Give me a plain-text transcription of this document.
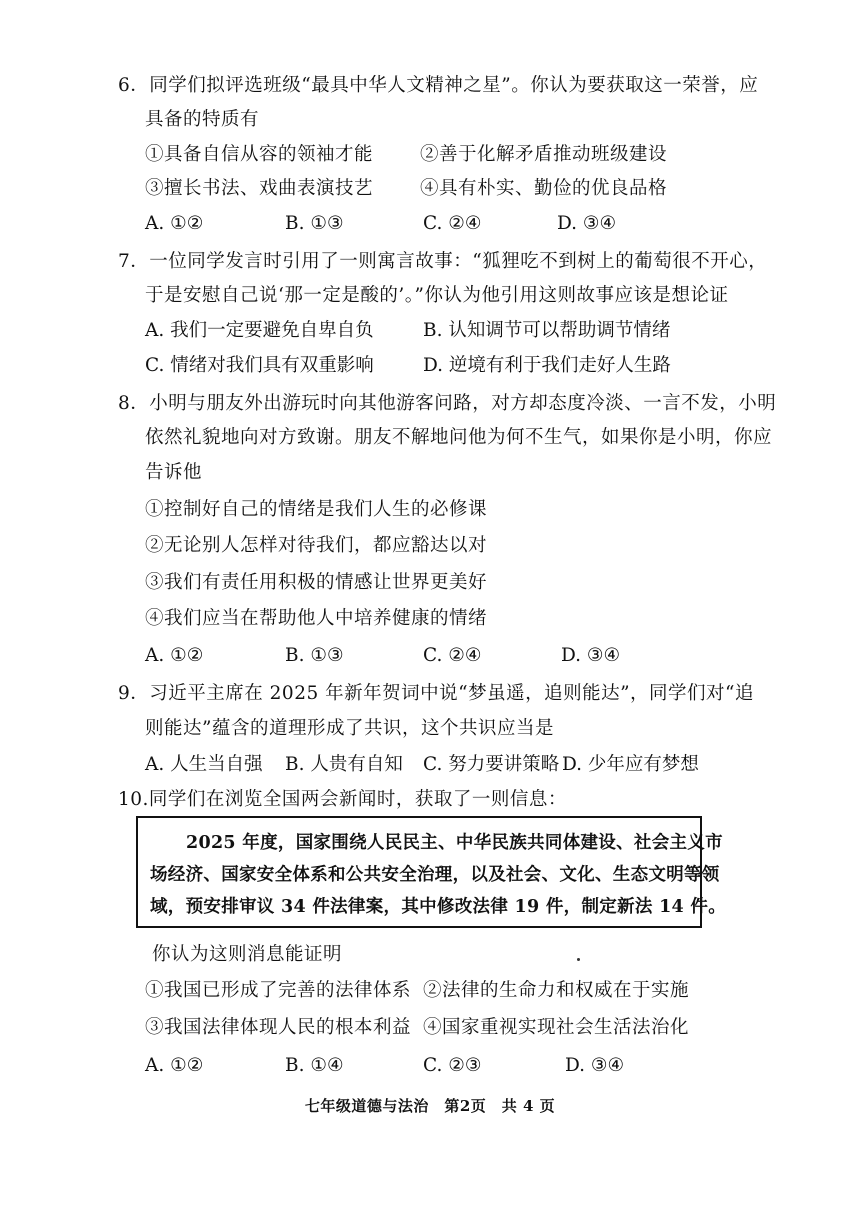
6．同学们拟评选班级“最具中华人文精神之星”。你认为要获取这一荣誉，应
具备的特质有
①具备自信从容的领袖才能	②善于化解矛盾推动班级建设
③擅长书法、戏曲表演技艺	④具有朴实、勤俭的优良品格
A. ①②	B. ①③	C. ②④	D. ③④
7．一位同学发言时引用了一则寓言故事：“狐狸吃不到树上的葡萄很不开心，
于是安慰自己说‘那一定是酸的’。”你认为他引用这则故事应该是想论证
A. 我们一定要避免自卑自负	B. 认知调节可以帮助调节情绪
C. 情绪对我们具有双重影响	D. 逆境有利于我们走好人生路
8．小明与朋友外出游玩时向其他游客问路，对方却态度冷淡、一言不发，小明
依然礼貌地向对方致谢。朋友不解地问他为何不生气，如果你是小明，你应
告诉他
①控制好自己的情绪是我们人生的必修课
②无论别人怎样对待我们，都应豁达以对
③我们有责任用积极的情感让世界更美好
④我们应当在帮助他人中培养健康的情绪
A. ①②	B. ①③	C. ②④	D. ③④
9．习近平主席在 2025 年新年贺词中说“梦虽遥，追则能达”，同学们对“追
则能达”蕴含的道理形成了共识，这个共识应当是
A. 人生当自强 B. 人贵有自知 C. 努力要讲策略 D. 少年应有梦想
10.同学们在浏览全国两会新闻时，获取了一则信息：
2025 年度，国家围绕人民民主、中华民族共同体建设、社会主义市
场经济、国家安全体系和公共安全治理，以及社会、文化、生态文明等领
域，预安排审议 34 件法律案，其中修改法律 19 件，制定新法 14 件。
你认为这则消息能证明
①我国已形成了完善的法律体系 ②法律的生命力和权威在于实施
③我国法律体现人民的根本利益 ④国家重视实现社会生活法治化
A. ①②	B. ①④	C. ②③	D. ③④
七年级道德与法治　第2页　共 4 页
